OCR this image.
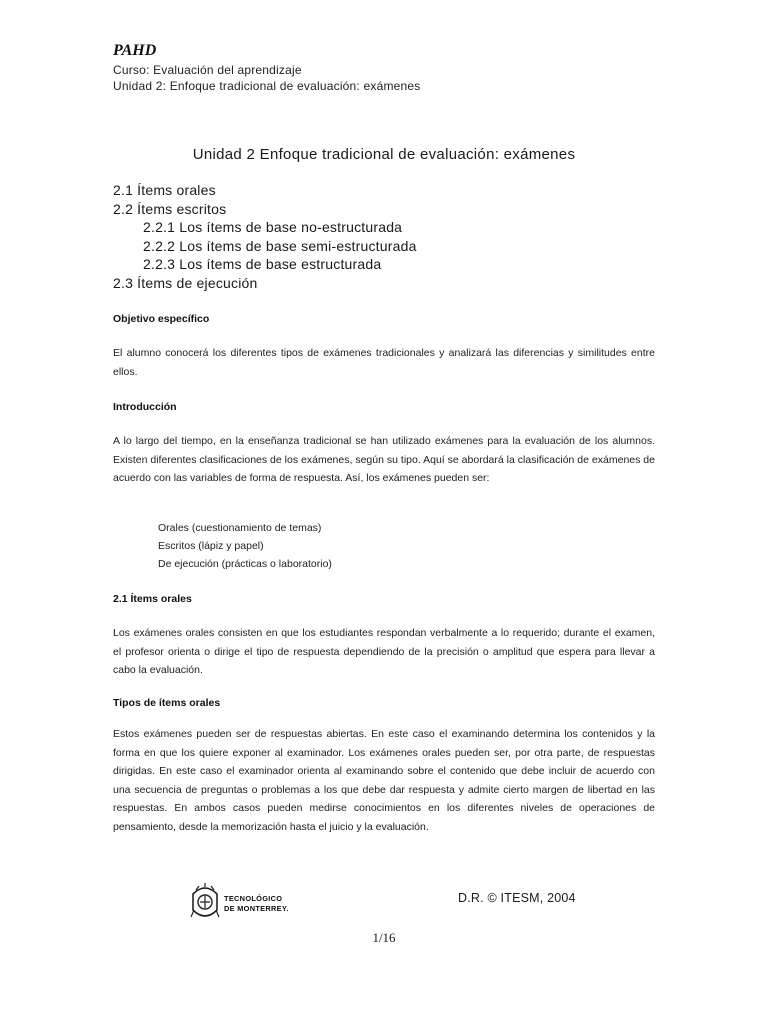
PAHD
Curso: Evaluación del aprendizaje
Unidad 2: Enfoque tradicional de evaluación: exámenes
Unidad 2 Enfoque tradicional de evaluación: exámenes
2.1 Ítems orales
2.2 Ítems escritos
2.2.1 Los ítems de base no-estructurada
2.2.2 Los ítems de base semi-estructurada
2.2.3 Los ítems de base estructurada
2.3 Ítems de ejecución
Objetivo específico

El alumno conocerá los diferentes tipos de exámenes tradicionales y analizará las diferencias y similitudes entre ellos.

Introducción

A lo largo del tiempo, en la enseñanza tradicional se han utilizado exámenes para la evaluación de los alumnos. Existen diferentes clasificaciones de los exámenes, según su tipo. Aquí se abordará la clasificación de exámenes de acuerdo con las variables de forma de respuesta. Así, los exámenes pueden ser:

Orales (cuestionamiento de temas)
Escritos (lápiz y papel)
De ejecución (prácticas o laboratorio)
2.1 Ítems orales

Los exámenes orales consisten en que los estudiantes respondan verbalmente a lo requerido; durante el examen, el profesor orienta o dirige el tipo de respuesta dependiendo de la precisión o amplitud que espera para llevar a cabo la evaluación.

Tipos de ítems orales

Estos exámenes pueden ser de respuestas abiertas. En este caso el examinando determina los contenidos y la forma en que los quiere exponer al examinador. Los exámenes orales pueden ser, por otra parte, de respuestas dirigidas. En este caso el examinador orienta al examinando sobre el contenido que debe incluir de acuerdo con una secuencia de preguntas o problemas a los que debe dar respuesta y admite cierto margen de libertad en las respuestas. En ambos casos pueden medirse conocimientos en los diferentes niveles de operaciones de pensamiento, desde la memorización hasta el juicio y la evaluación.

TECNOLÓGICO
DE MONTERREY.
D.R. © ITESM, 2004
1/16
